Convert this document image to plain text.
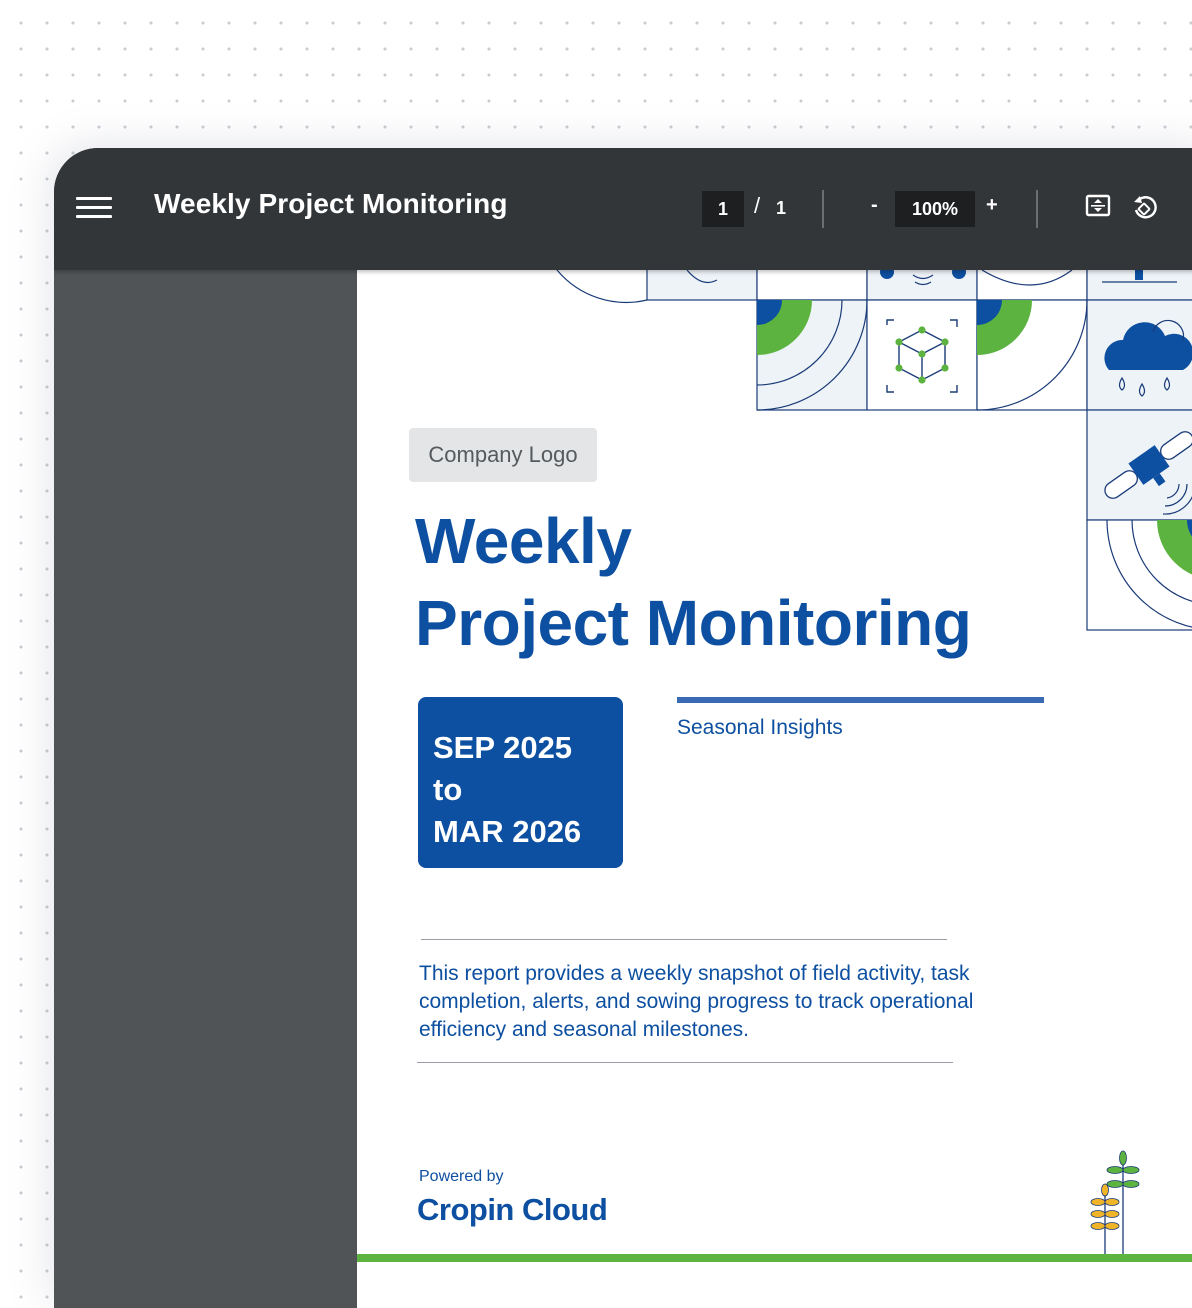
Weekly Project Monitoring
1	/ 1	-	100%	+
Company Logo
Weekly
Project Monitoring
SEP 2025
to
MAR 2026
Seasonal Insights

This report provides a weekly snapshot of field activity, task completion, alerts, and sowing progress to track operational efficiency and seasonal milestones.

Powered by
Cropin Cloud
